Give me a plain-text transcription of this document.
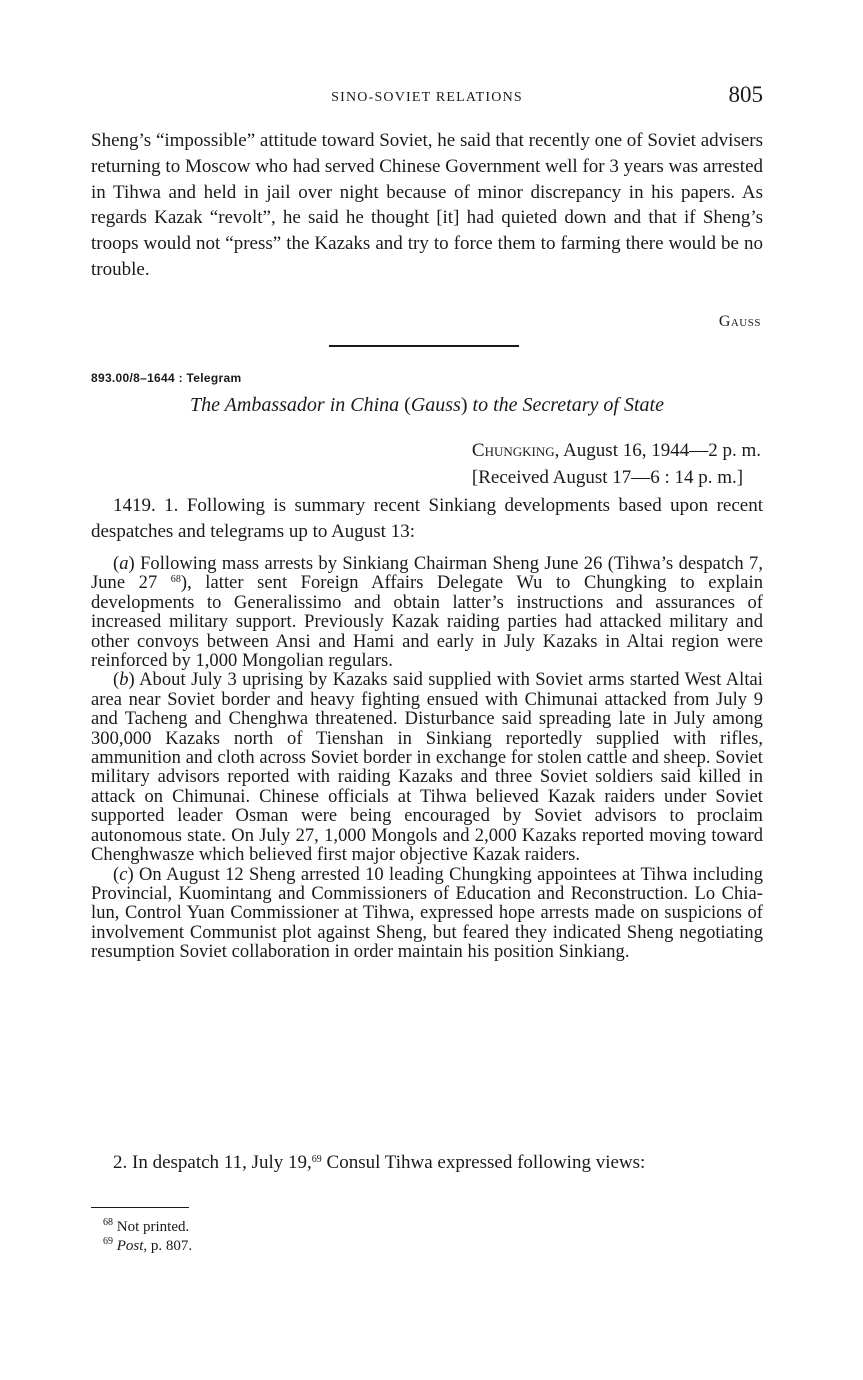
SINO-SOVIET RELATIONS	805

Sheng’s “impossible” attitude toward Soviet, he said that recently one of Soviet advisers returning to Moscow who had served Chinese Government well for 3 years was arrested in Tihwa and held in jail over night because of minor discrepancy in his papers. As regards Kazak “revolt”, he said he thought [it] had quieted down and that if Sheng’s troops would not “press” the Kazaks and try to force them to farming there would be no trouble.

Gauss
893.00/8–1644 : Telegram
The Ambassador in China (Gauss) to the Secretary of State
Chungking, August 16, 1944—2 p. m.
[Received August 17—6 : 14 p. m.]

1419. 1. Following is summary recent Sinkiang developments based upon recent despatches and telegrams up to August 13:

(a) Following mass arrests by Sinkiang Chairman Sheng June 26 (Tihwa’s despatch 7, June 27 $^{68}$), latter sent Foreign Affairs Delegate Wu to Chungking to explain developments to Generalissimo and obtain latter’s instructions and assurances of increased military support. Previously Kazak raiding parties had attacked military and other convoys between Ansi and Hami and early in July Kazaks in Altai region were reinforced by 1,000 Mongolian regulars.

(b) About July 3 uprising by Kazaks said supplied with Soviet arms started West Altai area near Soviet border and heavy fighting ensued with Chimunai attacked from July 9 and Tacheng and Chenghwa threatened. Disturbance said spreading late in July among 300,000 Kazaks north of Tienshan in Sinkiang reportedly supplied with rifles, ammunition and cloth across Soviet border in exchange for stolen cattle and sheep. Soviet military advisors reported with raiding Kazaks and three Soviet soldiers said killed in attack on Chimunai. Chinese officials at Tihwa believed Kazak raiders under Soviet supported leader Osman were being encouraged by Soviet advisors to proclaim autonomous state. On July 27, 1,000 Mongols and 2,000 Kazaks reported moving toward Chenghwasze which believed first major objective Kazak raiders.

(c) On August 12 Sheng arrested 10 leading Chungking appointees at Tihwa including Provincial, Kuomintang and Commissioners of Education and Reconstruction. Lo Chia-lun, Control Yuan Commissioner at Tihwa, expressed hope arrests made on suspicions of involvement Communist plot against Sheng, but feared they indicated Sheng negotiating resumption Soviet collaboration in order maintain his position Sinkiang.

2. In despatch 11, July 19,69 Consul Tihwa expressed following views:

$^{68}$ Not printed.
$^{69}$ Post, p. 807.
